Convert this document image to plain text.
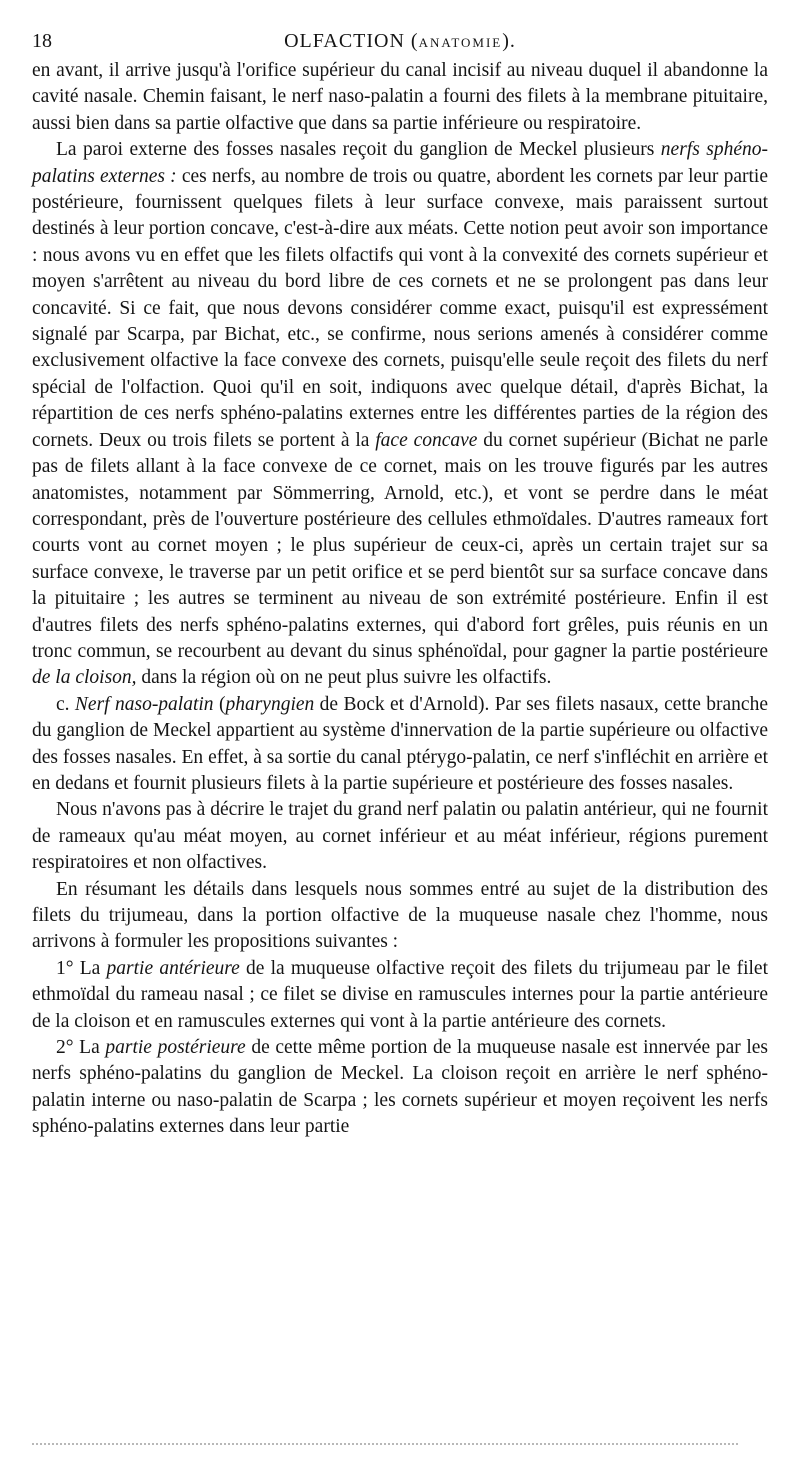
18	OLFACTION (ANATOMIE).

en avant, il arrive jusqu'à l'orifice supérieur du canal incisif au niveau duquel il abandonne la cavité nasale. Chemin faisant, le nerf naso-palatin a fourni des filets à la membrane pituitaire, aussi bien dans sa partie olfactive que dans sa partie inférieure ou respiratoire.

La paroi externe des fosses nasales reçoit du ganglion de Meckel plusieurs nerfs sphéno-palatins externes : ces nerfs, au nombre de trois ou quatre, abordent les cornets par leur partie postérieure, fournissent quelques filets à leur surface convexe, mais paraissent surtout destinés à leur portion concave, c'est-à-dire aux méats. Cette notion peut avoir son importance : nous avons vu en effet que les filets olfactifs qui vont à la convexité des cornets supérieur et moyen s'arrêtent au niveau du bord libre de ces cornets et ne se prolongent pas dans leur concavité. Si ce fait, que nous devons considérer comme exact, puisqu'il est expressément signalé par Scarpa, par Bichat, etc., se confirme, nous serions amenés à considérer comme exclusivement olfactive la face convexe des cornets, puisqu'elle seule reçoit des filets du nerf spécial de l'olfaction. Quoi qu'il en soit, indiquons avec quelque détail, d'après Bichat, la répartition de ces nerfs sphéno-palatins externes entre les différentes parties de la région des cornets. Deux ou trois filets se portent à la face concave du cornet supérieur (Bichat ne parle pas de filets allant à la face convexe de ce cornet, mais on les trouve figurés par les autres anatomistes, notamment par Sömmerring, Arnold, etc.), et vont se perdre dans le méat correspondant, près de l'ouverture postérieure des cellules ethmoïdales. D'autres rameaux fort courts vont au cornet moyen ; le plus supérieur de ceux-ci, après un certain trajet sur sa surface convexe, le traverse par un petit orifice et se perd bientôt sur sa surface concave dans la pituitaire ; les autres se terminent au niveau de son extrémité postérieure. Enfin il est d'autres filets des nerfs sphéno-palatins externes, qui d'abord fort grêles, puis réunis en un tronc commun, se recourbent au devant du sinus sphénoïdal, pour gagner la partie postérieure de la cloison, dans la région où on ne peut plus suivre les olfactifs.

c. Nerf naso-palatin (pharyngien de Bock et d'Arnold). Par ses filets nasaux, cette branche du ganglion de Meckel appartient au système d'innervation de la partie supérieure ou olfactive des fosses nasales. En effet, à sa sortie du canal ptérygo-palatin, ce nerf s'infléchit en arrière et en dedans et fournit plusieurs filets à la partie supérieure et postérieure des fosses nasales.

Nous n'avons pas à décrire le trajet du grand nerf palatin ou palatin antérieur, qui ne fournit de rameaux qu'au méat moyen, au cornet inférieur et au méat inférieur, régions purement respiratoires et non olfactives.

En résumant les détails dans lesquels nous sommes entré au sujet de la distribution des filets du trijumeau, dans la portion olfactive de la muqueuse nasale chez l'homme, nous arrivons à formuler les propositions suivantes :

1° La partie antérieure de la muqueuse olfactive reçoit des filets du trijumeau par le filet ethmoïdal du rameau nasal ; ce filet se divise en ramuscules internes pour la partie antérieure de la cloison et en ramuscules externes qui vont à la partie antérieure des cornets.

2° La partie postérieure de cette même portion de la muqueuse nasale est innervée par les nerfs sphéno-palatins du ganglion de Meckel. La cloison reçoit en arrière le nerf sphéno-palatin interne ou naso-palatin de Scarpa ; les cornets supérieur et moyen reçoivent les nerfs sphéno-palatins externes dans leur partie
